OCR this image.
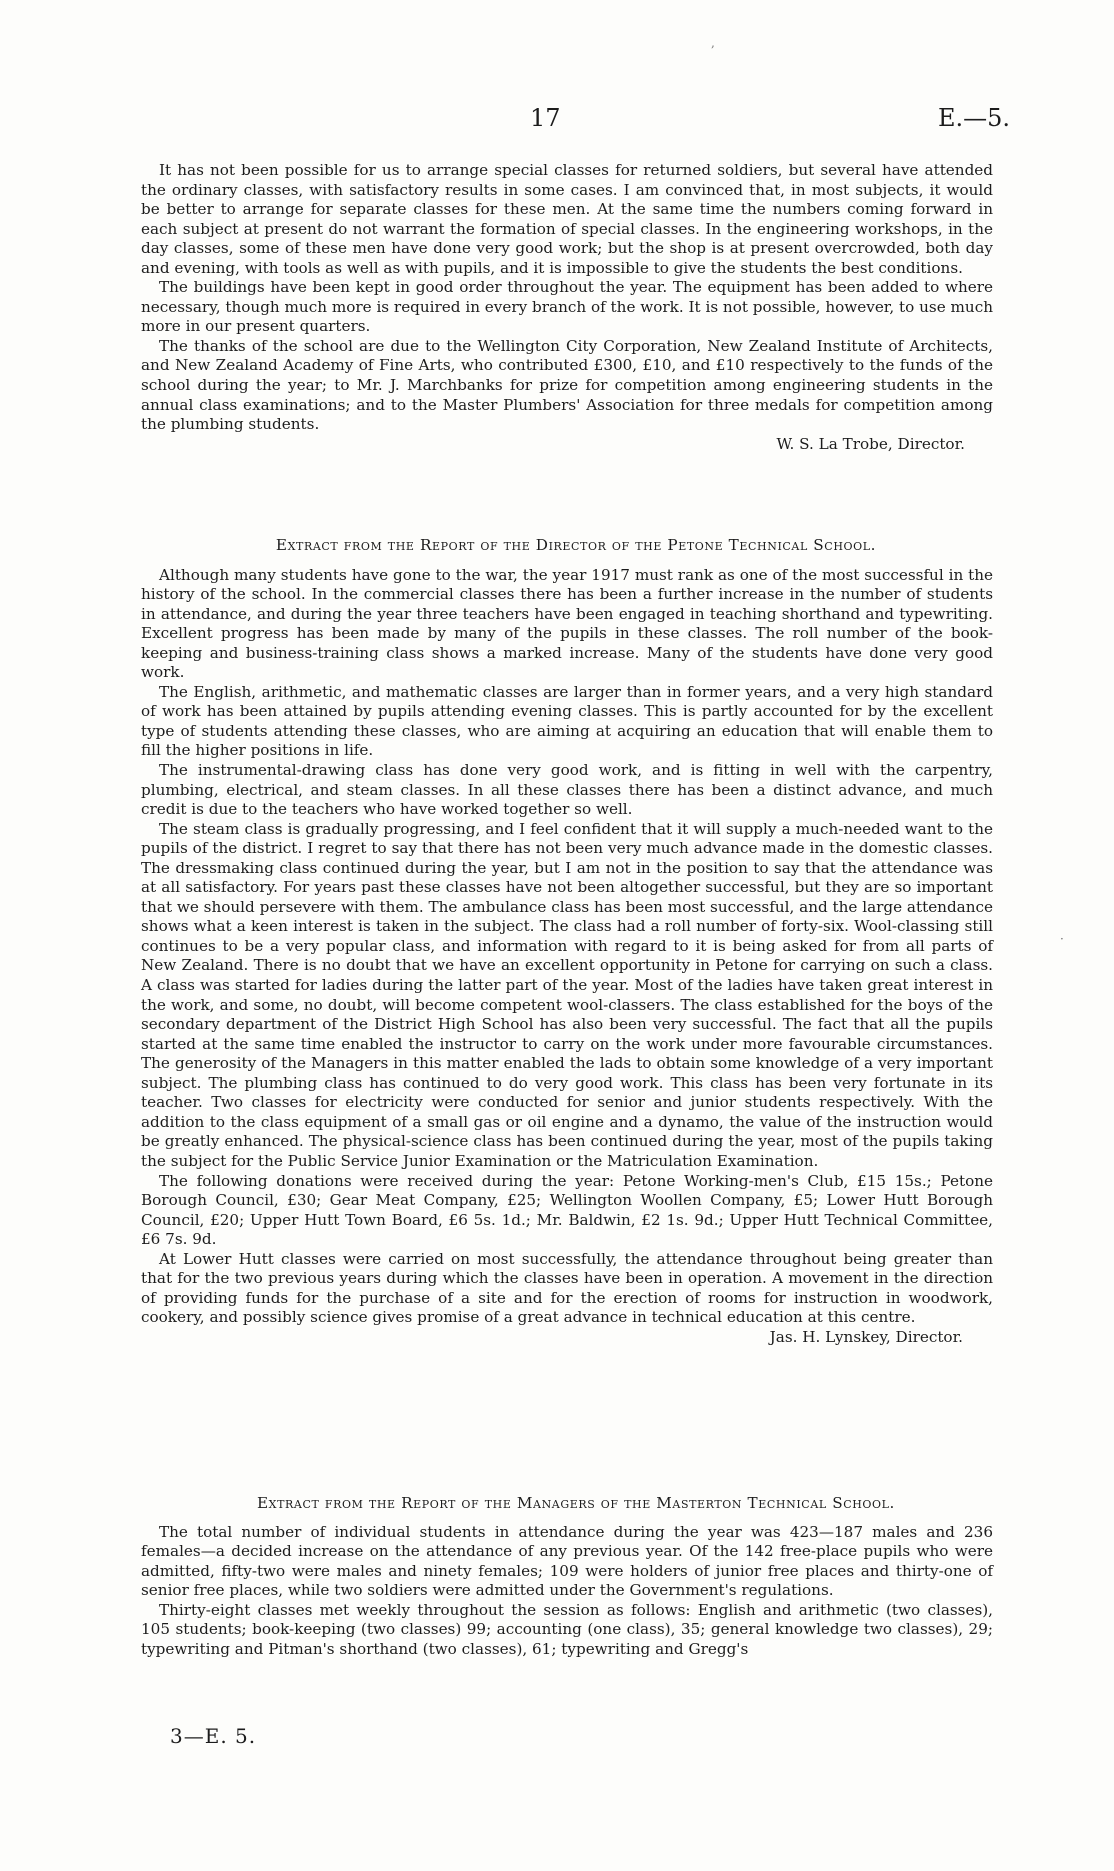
17	E.—5.

It has not been possible for us to arrange special classes for returned soldiers, but several have attended the ordinary classes, with satisfactory results in some cases. I am convinced that, in most subjects, it would be better to arrange for separate classes for these men. At the same time the numbers coming forward in each subject at present do not warrant the formation of special classes. In the engineering workshops, in the day classes, some of these men have done very good work; but the shop is at present overcrowded, both day and evening, with tools as well as with pupils, and it is impossible to give the students the best conditions.

The buildings have been kept in good order throughout the year. The equipment has been added to where necessary, though much more is required in every branch of the work. It is not possible, however, to use much more in our present quarters.

The thanks of the school are due to the Wellington City Corporation, New Zealand Institute of Architects, and New Zealand Academy of Fine Arts, who contributed £300, £10, and £10 respectively to the funds of the school during the year; to Mr. J. Marchbanks for prize for competition among engineering students in the annual class examinations; and to the Master Plumbers' Association for three medals for competition among the plumbing students.

W. S. La Trobe, Director.

Extract from the Report of the Director of the Petone Technical School.

Although many students have gone to the war, the year 1917 must rank as one of the most successful in the history of the school. In the commercial classes there has been a further increase in the number of students in attendance, and during the year three teachers have been engaged in teaching shorthand and typewriting. Excellent progress has been made by many of the pupils in these classes. The roll number of the book-keeping and business-training class shows a marked increase. Many of the students have done very good work.

The English, arithmetic, and mathematic classes are larger than in former years, and a very high standard of work has been attained by pupils attending evening classes. This is partly accounted for by the excellent type of students attending these classes, who are aiming at acquiring an education that will enable them to fill the higher positions in life.

The instrumental-drawing class has done very good work, and is fitting in well with the carpentry, plumbing, electrical, and steam classes. In all these classes there has been a distinct advance, and much credit is due to the teachers who have worked together so well.

The steam class is gradually progressing, and I feel confident that it will supply a much-needed want to the pupils of the district. I regret to say that there has not been very much advance made in the domestic classes. The dressmaking class continued during the year, but I am not in the position to say that the attendance was at all satisfactory. For years past these classes have not been altogether successful, but they are so important that we should persevere with them. The ambulance class has been most successful, and the large attendance shows what a keen interest is taken in the subject. The class had a roll number of forty-six. Wool-classing still continues to be a very popular class, and information with regard to it is being asked for from all parts of New Zealand. There is no doubt that we have an excellent opportunity in Petone for carrying on such a class. A class was started for ladies during the latter part of the year. Most of the ladies have taken great interest in the work, and some, no doubt, will become competent wool-classers. The class established for the boys of the secondary department of the District High School has also been very successful. The fact that all the pupils started at the same time enabled the instructor to carry on the work under more favourable circumstances. The generosity of the Managers in this matter enabled the lads to obtain some knowledge of a very important subject. The plumbing class has continued to do very good work. This class has been very fortunate in its teacher. Two classes for electricity were conducted for senior and junior students respectively. With the addition to the class equipment of a small gas or oil engine and a dynamo, the value of the instruction would be greatly enhanced. The physical-science class has been continued during the year, most of the pupils taking the subject for the Public Service Junior Examination or the Matriculation Examination.

The following donations were received during the year: Petone Working-men's Club, £15 15s.; Petone Borough Council, £30; Gear Meat Company, £25; Wellington Woollen Company, £5; Lower Hutt Borough Council, £20; Upper Hutt Town Board, £6 5s. 1d.; Mr. Baldwin, £2 1s. 9d.; Upper Hutt Technical Committee, £6 7s. 9d.

At Lower Hutt classes were carried on most successfully, the attendance throughout being greater than that for the two previous years during which the classes have been in operation. A movement in the direction of providing funds for the purchase of a site and for the erection of rooms for instruction in woodwork, cookery, and possibly science gives promise of a great advance in technical education at this centre.

Jas. H. Lynskey, Director.

Extract from the Report of the Managers of the Masterton Technical School.

The total number of individual students in attendance during the year was 423—187 males and 236 females—a decided increase on the attendance of any previous year. Of the 142 free-place pupils who were admitted, fifty-two were males and ninety females; 109 were holders of junior free places and thirty-one of senior free places, while two soldiers were admitted under the Government's regulations.

Thirty-eight classes met weekly throughout the session as follows: English and arithmetic (two classes), 105 students; book-keeping (two classes) 99; accounting (one class), 35; general knowledge two classes), 29; typewriting and Pitman's shorthand (two classes), 61; typewriting and Gregg's

3—E. 5.
,
·
